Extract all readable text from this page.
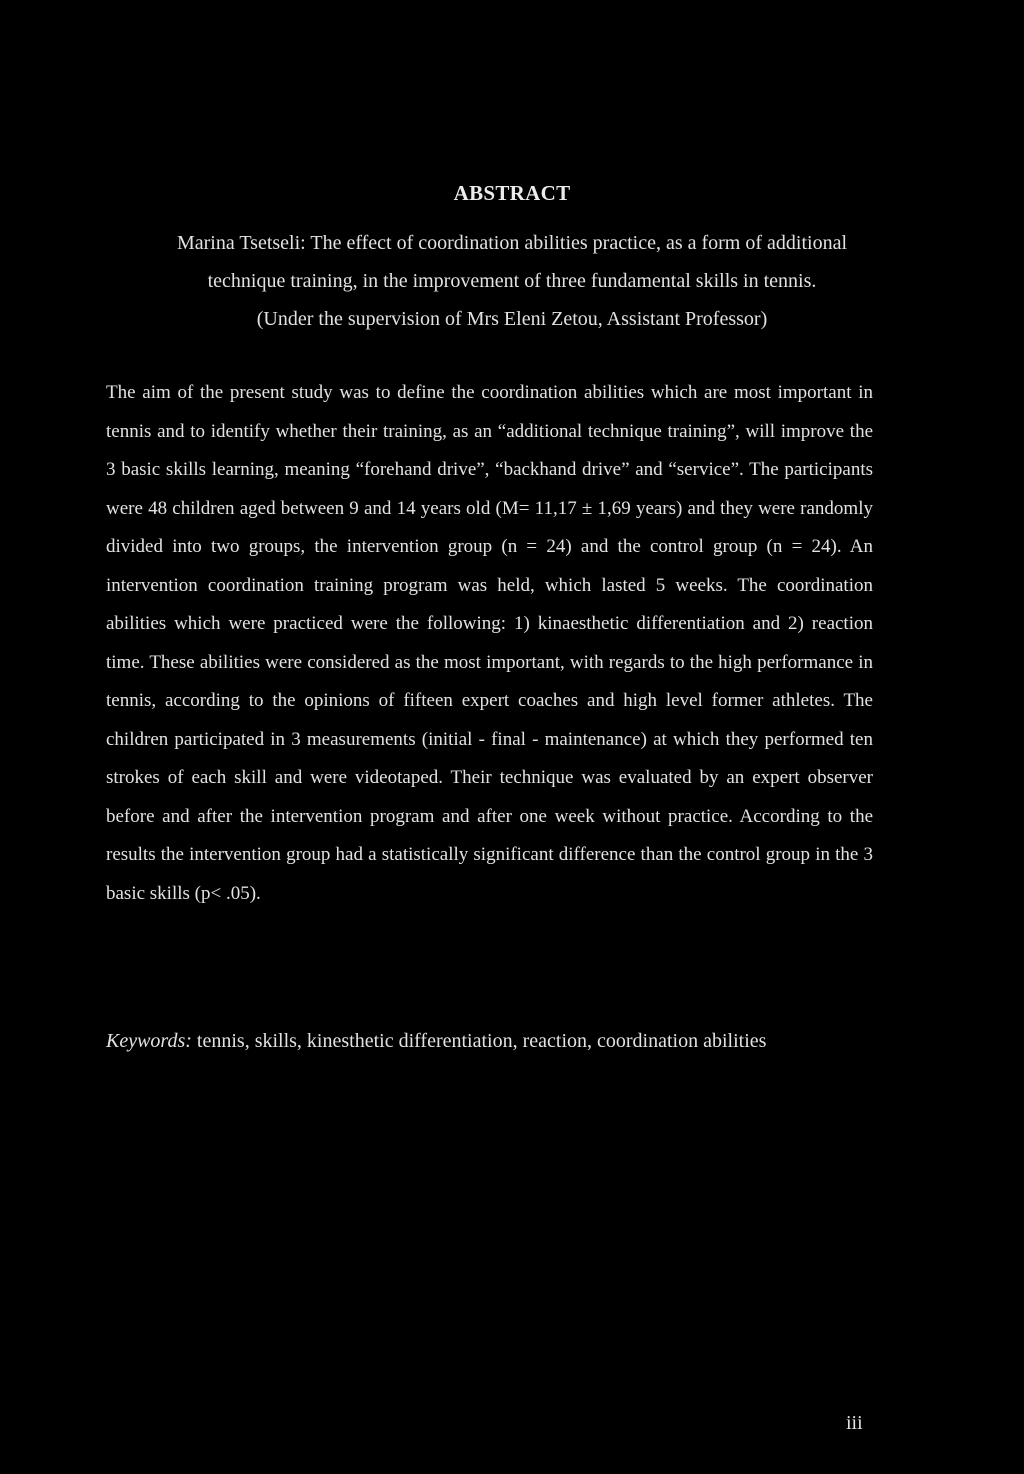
ABSTRACT
Marina Tsetseli: The effect of coordination abilities practice, as a form of additional
technique training, in the improvement of three fundamental skills in tennis.
(Under the supervision of Mrs Eleni Zetou, Assistant Professor)

The aim of the present study was to define the coordination abilities which are most important in tennis and to identify whether their training, as an “additional technique training”, will improve the 3 basic skills learning, meaning “forehand drive”, “backhand drive” and “service”. The participants were 48 children aged between 9 and 14 years old (M= 11,17 ± 1,69 years) and they were randomly divided into two groups, the intervention group (n = 24) and the control group (n = 24). An intervention coordination training program was held, which lasted 5 weeks. The coordination abilities which were practiced were the following: 1) kinaesthetic differentiation and 2) reaction time. These abilities were considered as the most important, with regards to the high performance in tennis, according to the opinions of fifteen expert coaches and high level former athletes. The children participated in 3 measurements (initial - final - maintenance) at which they performed ten strokes of each skill and were videotaped. Their technique was evaluated by an expert observer before and after the intervention program and after one week without practice. According to the results the intervention group had a statistically significant difference than the control group in the 3 basic skills (p< .05).

Keywords: tennis, skills, kinesthetic differentiation, reaction, coordination abilities
iii
